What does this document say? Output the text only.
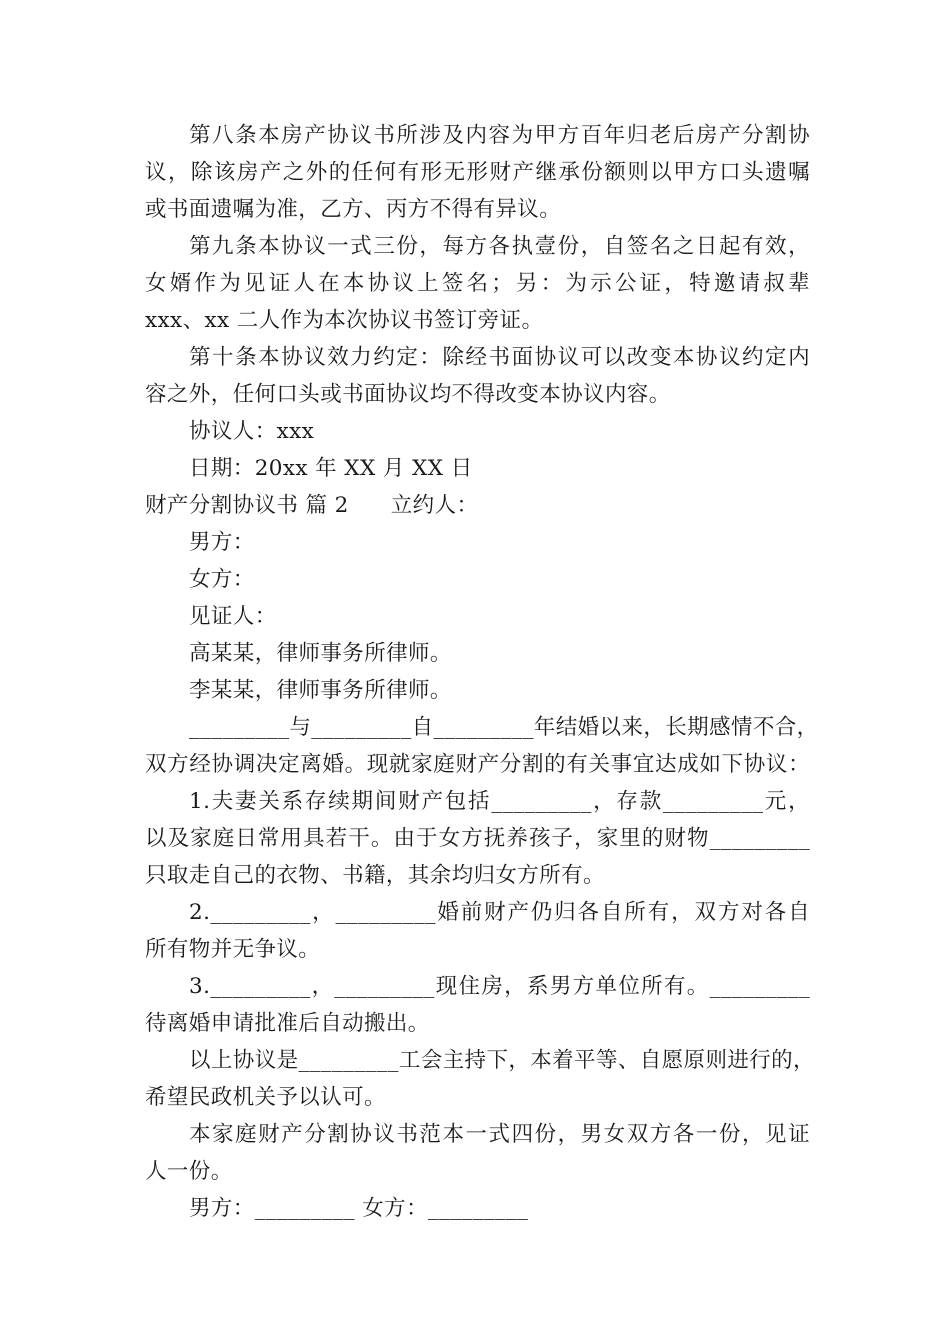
第八条本房产协议书所涉及内容为甲方百年归老后房产分割协
议，除该房产之外的任何有形无形财产继承份额则以甲方口头遗嘱
或书面遗嘱为准，乙方、丙方不得有异议。
第九条本协议一式三份，每方各执壹份，自签名之日起有效，
女婿作为见证人在本协议上签名；另：为示公证，特邀请叔辈
xxx、xx 二人作为本次协议书签订旁证。
第十条本协议效力约定：除经书面协议可以改变本协议约定内
容之外，任何口头或书面协议均不得改变本协议内容。
协议人：xxx
日期：20xx 年 XX 月 XX 日
财产分割协议书 篇 2 立约人：
男方：
女方：
见证人：
高某某，律师事务所律师。
李某某，律师事务所律师。
_________与_________自_________年结婚以来，长期感情不合，
双方经协调决定离婚。现就家庭财产分割的有关事宜达成如下协议：
1.夫妻关系存续期间财产包括_________，存款_________元，
以及家庭日常用具若干。由于女方抚养孩子，家里的财物_________
只取走自己的衣物、书籍，其余均归女方所有。
2._________，_________婚前财产仍归各自所有，双方对各自
所有物并无争议。
3._________，_________现住房，系男方单位所有。_________
待离婚申请批准后自动搬出。
以上协议是_________工会主持下，本着平等、自愿原则进行的，
希望民政机关予以认可。
本家庭财产分割协议书范本一式四份，男女双方各一份，见证
人一份。
男方：_________ 女方：_________
